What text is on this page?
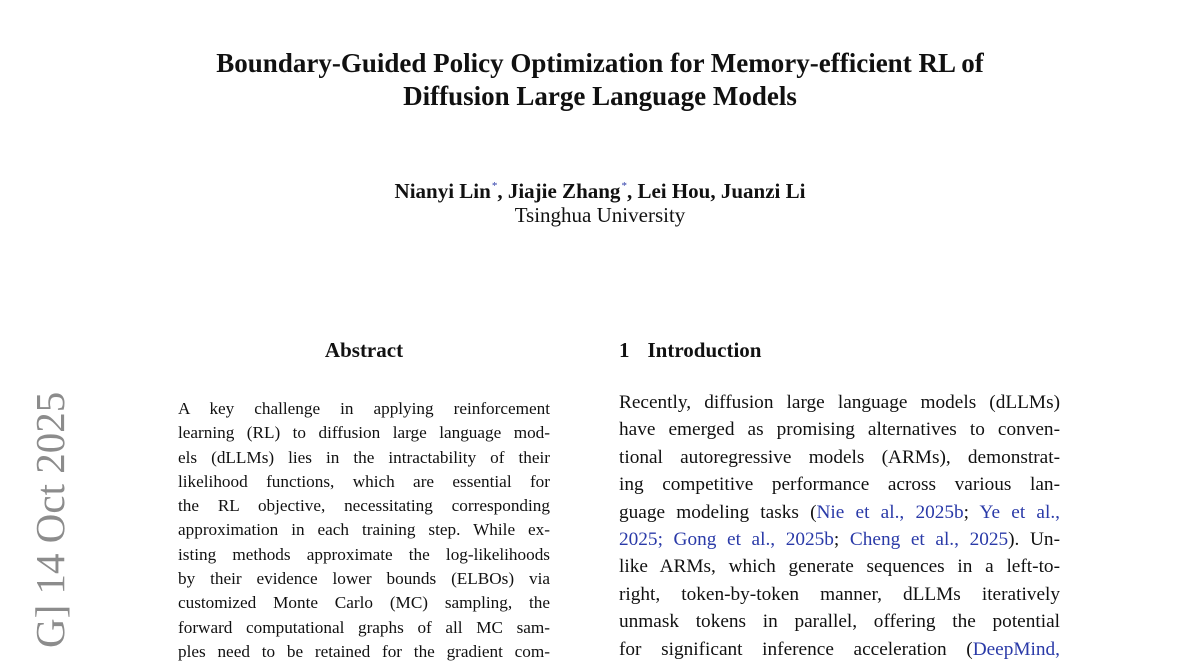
Boundary-Guided Policy Optimization for Memory-efficient RL of
Diffusion Large Language Models
Nianyi Lin*, Jiajie Zhang*, Lei Hou, Juanzi Li
Tsinghua University
G] 14 Oct 2025
Abstract
A key challenge in applying reinforcement
learning (RL) to diffusion large language mod-
els (dLLMs) lies in the intractability of their
likelihood functions, which are essential for
the RL objective, necessitating corresponding
approximation in each training step. While ex-
isting methods approximate the log-likelihoods
by their evidence lower bounds (ELBOs) via
customized Monte Carlo (MC) sampling, the
forward computational graphs of all MC sam-
ples need to be retained for the gradient com-
1 Introduction
Recently, diffusion large language models (dLLMs)
have emerged as promising alternatives to conven-
tional autoregressive models (ARMs), demonstrat-
ing competitive performance across various lan-
guage modeling tasks (Nie et al., 2025b; Ye et al.,
2025; Gong et al., 2025b; Cheng et al., 2025). Un-
like ARMs, which generate sequences in a left-to-
right, token-by-token manner, dLLMs iteratively
unmask tokens in parallel, offering the potential
for significant inference acceleration (DeepMind,
